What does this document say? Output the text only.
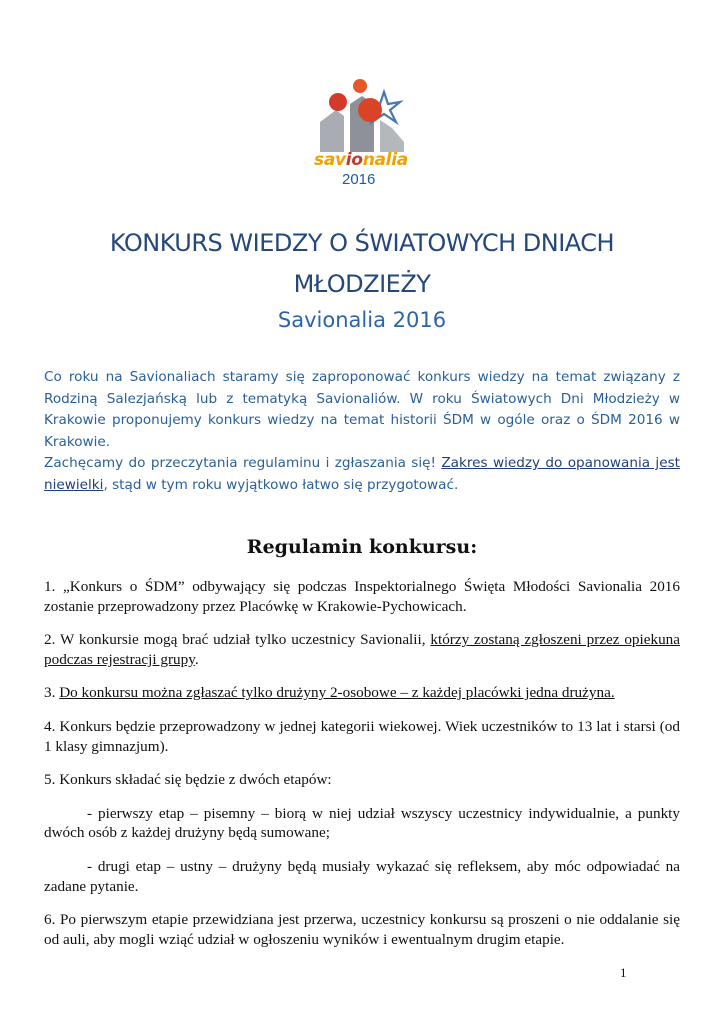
savionalia
2016
KONKURS WIEDZY O ŚWIATOWYCH DNIACH
MŁODZIEŻY
Savionalia 2016

Co roku na Savionaliach staramy się zaproponować konkurs wiedzy na temat związany z Rodziną Salezjańską lub z tematyką Savionaliów. W roku Światowych Dni Młodzieży w Krakowie proponujemy konkurs wiedzy na temat historii ŚDM w ogóle oraz o ŚDM 2016 w Krakowie.

Zachęcamy do przeczytania regulaminu i zgłaszania się! Zakres wiedzy do opanowania jest niewielki, stąd w tym roku wyjątkowo łatwo się przygotować.

Regulamin konkursu:

1. „Konkurs o ŚDM” odbywający się podczas Inspektorialnego Święta Młodości Savionalia 2016 zostanie przeprowadzony przez Placówkę w Krakowie-Pychowicach.

2. W konkursie mogą brać udział tylko uczestnicy Savionalii, którzy zostaną zgłoszeni przez opiekuna podczas rejestracji grupy.

3. Do konkursu można zgłaszać tylko drużyny 2-osobowe – z każdej placówki jedna drużyna.

4. Konkurs będzie przeprowadzony w jednej kategorii wiekowej. Wiek uczestników to 13 lat i starsi (od 1 klasy gimnazjum).

5. Konkurs składać się będzie z dwóch etapów:

- pierwszy etap – pisemny – biorą w niej udział wszyscy uczestnicy indywidualnie, a punkty dwóch osób z każdej drużyny będą sumowane;

- drugi etap – ustny – drużyny będą musiały wykazać się refleksem, aby móc odpowiadać na zadane pytanie.

6. Po pierwszym etapie przewidziana jest przerwa, uczestnicy konkursu są proszeni o nie oddalanie się od auli, aby mogli wziąć udział w ogłoszeniu wyników i ewentualnym drugim etapie.

1
